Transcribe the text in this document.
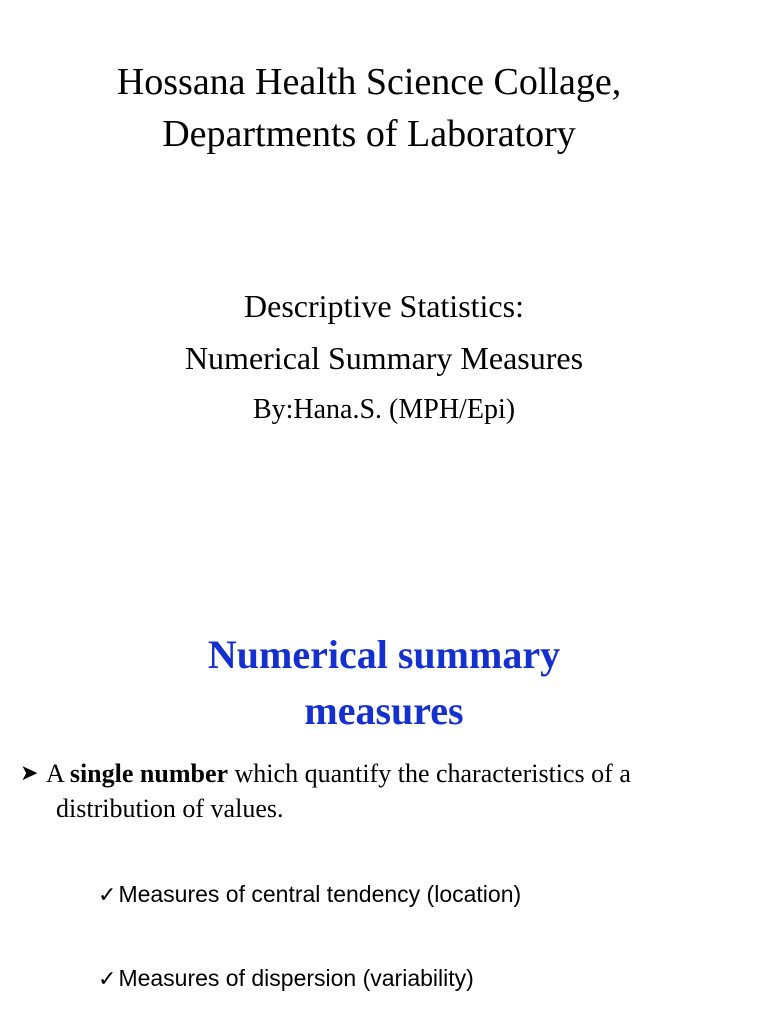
Hossana Health Science Collage,
Departments of Laboratory
Descriptive Statistics:
Numerical Summary Measures
By:Hana.S. (MPH/Epi)
Numerical summary
measures
➤ A single number which quantify the characteristics of a
distribution of values.
✓Measures of central tendency (location)
✓Measures of dispersion (variability)
